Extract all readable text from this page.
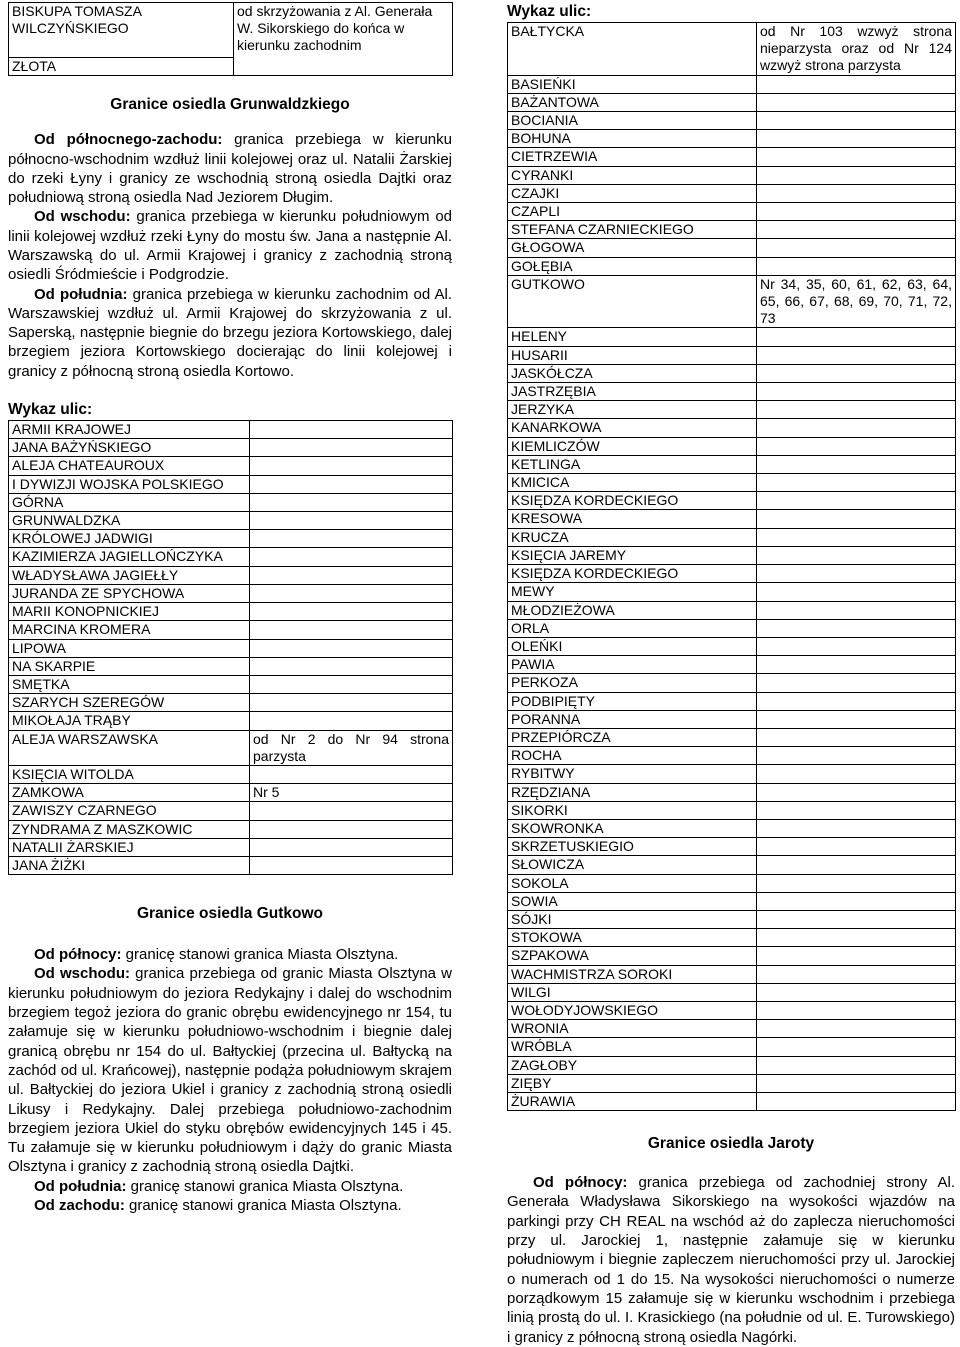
BISKUPA TOMASZA WILCZYŃSKIEGO	od skrzyżowania z Al. Generała W. Sikorskiego do końca w kierunku zachodnim
ZŁOTA
Granice osiedla Grunwaldzkiego

Od północnego-zachodu: granica przebiega w kierunku północno-wschodnim wzdłuż linii kolejowej oraz ul. Natalii Żarskiej do rzeki Łyny i granicy ze wschodnią stroną osiedla Dajtki oraz południową stroną osiedla Nad Jeziorem Długim.

Od wschodu: granica przebiega w kierunku południowym od linii kolejowej wzdłuż rzeki Łyny do mostu św. Jana a następnie Al. Warszawską do ul. Armii Krajowej i granicy z zachodnią stroną osiedli Śródmieście i Podgrodzie.

Od południa: granica przebiega w kierunku zachodnim od Al. Warszawskiej wzdłuż ul. Armii Krajowej do skrzyżowania z ul. Saperską, następnie biegnie do brzegu jeziora Kortowskiego, dalej brzegiem jeziora Kortowskiego docierając do linii kolejowej i granicy z północną stroną osiedla Kortowo.

Wykaz ulic:

ARMII KRAJOWEJ	
JANA BAŻYŃSKIEGO	
ALEJA CHATEAUROUX	
I DYWIZJI WOJSKA POLSKIEGO	
GÓRNA	
GRUNWALDZKA	
KRÓLOWEJ JADWIGI	
KAZIMIERZA JAGIELLOŃCZYKA	
WŁADYSŁAWA JAGIEŁŁY	
JURANDA ZE SPYCHOWA	
MARII KONOPNICKIEJ	
MARCINA KROMERA	
LIPOWA	
NA SKARPIE	
SMĘTKA	
SZARYCH SZEREGÓW	
MIKOŁAJA TRĄBY	
ALEJA WARSZAWSKA	od Nr 2 do Nr 94 strona parzysta
KSIĘCIA WITOLDA	
ZAMKOWA	Nr 5
ZAWISZY CZARNEGO	
ZYNDRAMA Z MASZKOWIC	
NATALII ŻARSKIEJ	
JANA ŻIŻKI	
Granice osiedla Gutkowo

Od północy: granicę stanowi granica Miasta Olsztyna.

Od wschodu: granica przebiega od granic Miasta Olsztyna w kierunku południowym do jeziora Redykajny i dalej do wschodnim brzegiem tegoż jeziora do granic obrębu ewidencyjnego nr 154, tu załamuje się w kierunku południowo-wschodnim i biegnie dalej granicą obrębu nr 154 do ul. Bałtyckiej (przecina ul. Bałtycką na zachód od ul. Krańcowej), następnie podąża południowym skrajem ul. Bałtyckiej do jeziora Ukiel i granicy z zachodnią stroną osiedli Likusy i Redykajny. Dalej przebiega południowo-zachodnim brzegiem jeziora Ukiel do styku obrębów ewidencyjnych 145 i 45. Tu załamuje się w kierunku południowym i dąży do granic Miasta Olsztyna i granicy z zachodnią stroną osiedla Dajtki.

Od południa: granicę stanowi granica Miasta Olsztyna.

Od zachodu: granicę stanowi granica Miasta Olsztyna.

Wykaz ulic:

BAŁTYCKA	od Nr 103 wzwyż strona nieparzysta oraz od Nr 124 wzwyż strona parzysta
BASIEŃKI	
BAŻANTOWA	
BOCIANIA	
BOHUNA	
CIETRZEWIA	
CYRANKI	
CZAJKI	
CZAPLI	
STEFANA CZARNIECKIEGO	
GŁOGOWA	
GOŁĘBIA	
GUTKOWO	Nr 34, 35, 60, 61, 62, 63, 64, 65, 66, 67, 68, 69, 70, 71, 72, 73
HELENY	
HUSARII	
JASKÓŁCZA	
JASTRZĘBIA	
JERZYKA	
KANARKOWA	
KIEMLICZÓW	
KETLINGA	
KMICICA	
KSIĘDZA KORDECKIEGO	
KRESOWA	
KRUCZA	
KSIĘCIA JAREMY	
KSIĘDZA KORDECKIEGO	
MEWY	
MŁODZIEŻOWA	
ORLA	
OLEŃKI	
PAWIA	
PERKOZA	
PODBIPIĘTY	
PORANNA	
PRZEPIÓRCZA	
ROCHA	
RYBITWY	
RZĘDZIANA	
SIKORKI	
SKOWRONKA	
SKRZETUSKIEGIO	
SŁOWICZA	
SOKOLA	
SOWIA	
SÓJKI	
STOKOWA	
SZPAKOWA	
WACHMISTRZA SOROKI	
WILGI	
WOŁODYJOWSKIEGO	
WRONIA	
WRÓBLA	
ZAGŁOBY	
ZIĘBY	
ŻURAWIA	
Granice osiedla Jaroty

Od północy: granica przebiega od zachodniej strony Al. Generała Władysława Sikorskiego na wysokości wjazdów na parkingi przy CH REAL na wschód aż do zaplecza nieruchomości przy ul. Jarockiej 1, następnie załamuje się w kierunku południowym i biegnie zapleczem nieruchomości przy ul. Jarockiej o numerach od 1 do 15. Na wysokości nieruchomości o numerze porządkowym 15 załamuje się w kierunku wschodnim i przebiega linią prostą do ul. I. Krasickiego (na południe od ul. E. Turowskiego) i granicy z północną stroną osiedla Nagórki.
